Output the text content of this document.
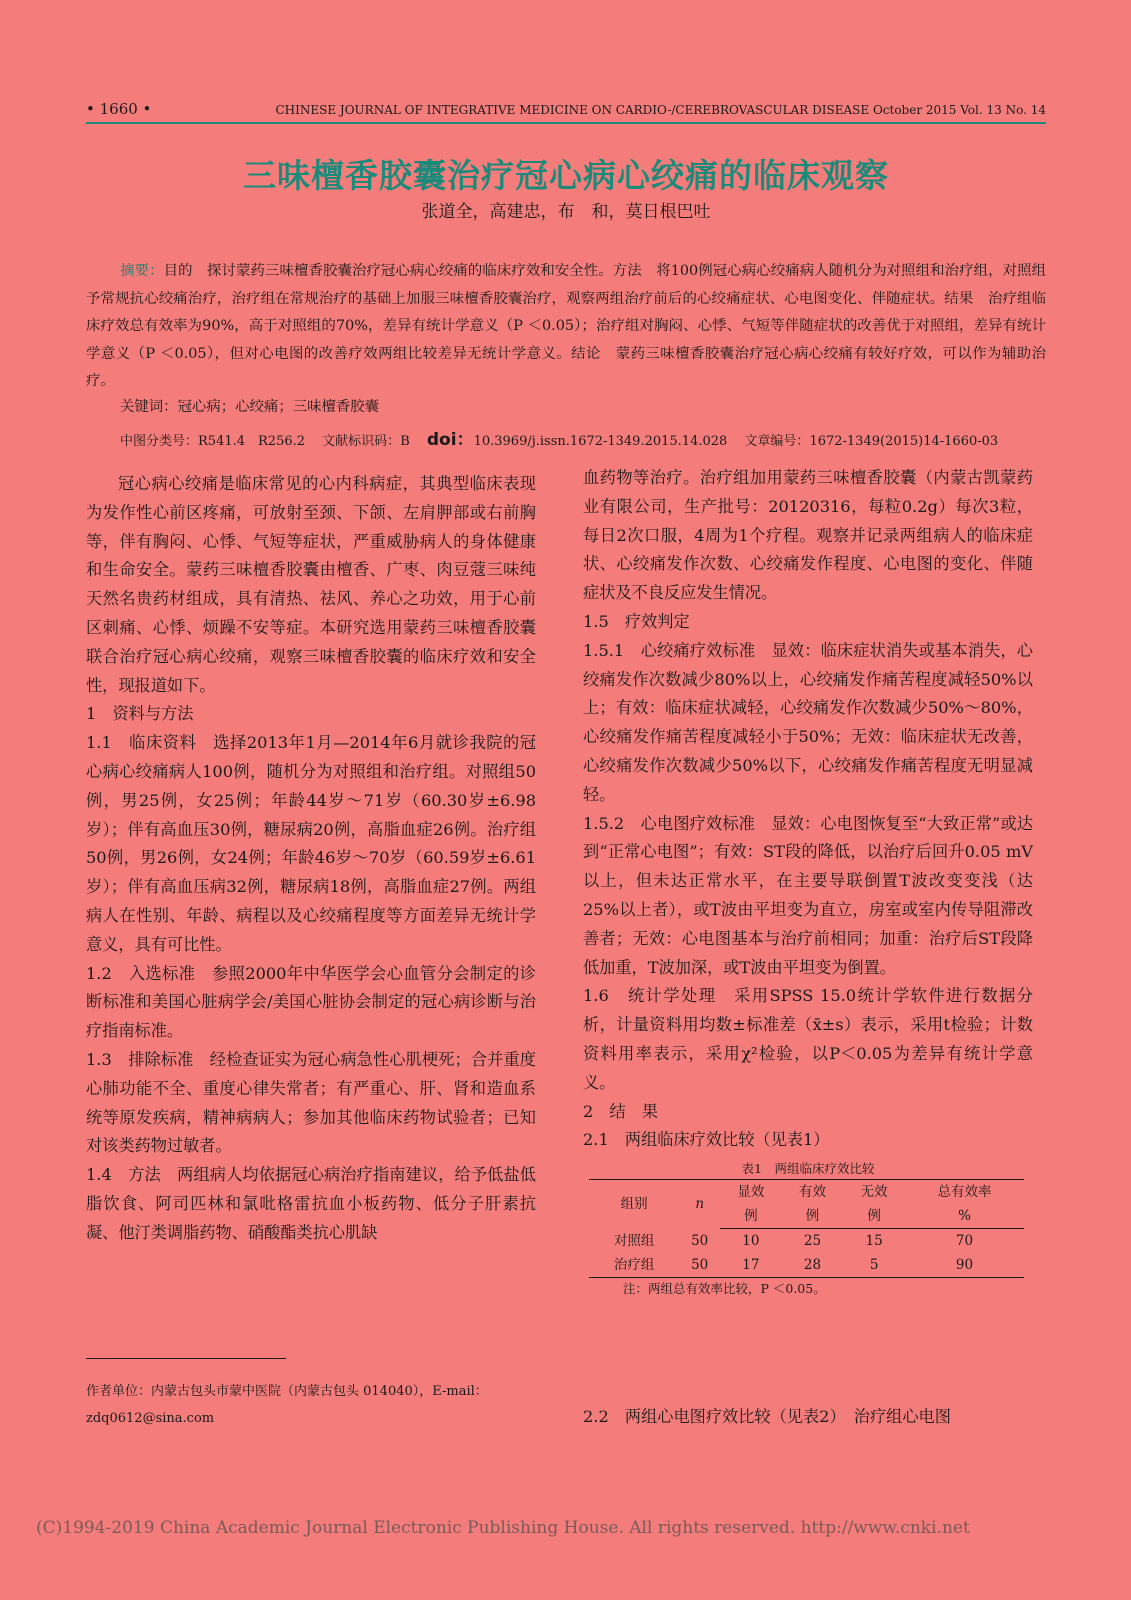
• 1660 •	CHINESE JOURNAL OF INTEGRATIVE MEDICINE ON CARDIO-/CEREBROVASCULAR DISEASE October 2015 Vol. 13 No. 14
三味檀香胶囊治疗冠心病心绞痛的临床观察

张道全，高建忠，布　和，莫日根巴吐

摘要：目的　探讨蒙药三味檀香胶囊治疗冠心病心绞痛的临床疗效和安全性。方法　将100例冠心病心绞痛病人随机分为对照组和治疗组，对照组予常规抗心绞痛治疗，治疗组在常规治疗的基础上加服三味檀香胶囊治疗，观察两组治疗前后的心绞痛症状、心电图变化、伴随症状。结果　治疗组临床疗效总有效率为90%，高于对照组的70%，差异有统计学意义（P ＜0.05）；治疗组对胸闷、心悸、气短等伴随症状的改善优于对照组，差异有统计学意义（P ＜0.05），但对心电图的改善疗效两组比较差异无统计学意义。结论　蒙药三味檀香胶囊治疗冠心病心绞痛有较好疗效，可以作为辅助治疗。

关键词：冠心病；心绞痛；三味檀香胶囊

中图分类号：R541.4　R256.2　 文献标识码：B　 doi：10.3969/j.issn.1672-1349.2015.14.028　 文章编号：1672-1349(2015)14-1660-03

冠心病心绞痛是临床常见的心内科病症，其典型临床表现为发作性心前区疼痛，可放射至颈、下颌、左肩胛部或右前胸等，伴有胸闷、心悸、气短等症状，严重威胁病人的身体健康和生命安全。蒙药三味檀香胶囊由檀香、广枣、肉豆蔻三味纯天然名贵药材组成，具有清热、祛风、养心之功效，用于心前区刺痛、心悸、烦躁不安等症。本研究选用蒙药三味檀香胶囊联合治疗冠心病心绞痛，观察三味檀香胶囊的临床疗效和安全性，现报道如下。

1　资料与方法

1.1　临床资料　选择2013年1月—2014年6月就诊我院的冠心病心绞痛病人100例，随机分为对照组和治疗组。对照组50例，男25例，女25例；年龄44岁～71岁（60.30岁±6.98岁）；伴有高血压30例，糖尿病20例，高脂血症26例。治疗组50例，男26例，女24例；年龄46岁～70岁（60.59岁±6.61岁）；伴有高血压病32例，糖尿病18例，高脂血症27例。两组病人在性别、年龄、病程以及心绞痛程度等方面差异无统计学意义，具有可比性。

1.2　入选标准　参照2000年中华医学会心血管分会制定的诊断标准和美国心脏病学会/美国心脏协会制定的冠心病诊断与治疗指南标准。

1.3　排除标准　经检查证实为冠心病急性心肌梗死；合并重度心肺功能不全、重度心律失常者；有严重心、肝、肾和造血系统等原发疾病，精神病病人；参加其他临床药物试验者；已知对该类药物过敏者。

1.4　方法　两组病人均依据冠心病治疗指南建议，给予低盐低脂饮食、阿司匹林和氯吡格雷抗血小板药物、低分子肝素抗凝、他汀类调脂药物、硝酸酯类抗心肌缺

血药物等治疗。治疗组加用蒙药三味檀香胶囊（内蒙古凯蒙药业有限公司，生产批号：20120316，每粒0.2g）每次3粒，每日2次口服，4周为1个疗程。观察并记录两组病人的临床症状、心绞痛发作次数、心绞痛发作程度、心电图的变化、伴随症状及不良反应发生情况。

1.5　疗效判定

1.5.1　心绞痛疗效标准　显效：临床症状消失或基本消失，心绞痛发作次数减少80%以上，心绞痛发作痛苦程度减轻50%以上；有效：临床症状减轻，心绞痛发作次数减少50%～80%，心绞痛发作痛苦程度减轻小于50%；无效：临床症状无改善，心绞痛发作次数减少50%以下，心绞痛发作痛苦程度无明显减轻。

1.5.2　心电图疗效标准　显效：心电图恢复至“大致正常”或达到“正常心电图”；有效：ST段的降低，以治疗后回升0.05 mV以上，但未达正常水平，在主要导联倒置T波改变变浅（达25%以上者），或T波由平坦变为直立，房室或室内传导阻滞改善者；无效：心电图基本与治疗前相同；加重：治疗后ST段降低加重，T波加深，或T波由平坦变为倒置。

1.6　统计学处理　采用SPSS 15.0统计学软件进行数据分析，计量资料用均数±标准差（x̄±s）表示，采用t检验；计数资料用率表示，采用χ²检验，以P＜0.05为差异有统计学意义。

2　结　果

2.1　两组临床疗效比较（见表1）

表1　两组临床疗效比较
组别	n	显效	有效	无效	总有效率
		例	例	例	%
对照组	50	10	25	15	70
治疗组	50	17	28	5	90
注：两组总有效率比较，P ＜0.05。

作者单位：内蒙古包头市蒙中医院（内蒙古包头 014040），E-mail：zdq0612@sina.com	2.2　两组心电图疗效比较（见表2）　治疗组心电图

(C)1994-2019 China Academic Journal Electronic Publishing House. All rights reserved. http://www.cnki.net
